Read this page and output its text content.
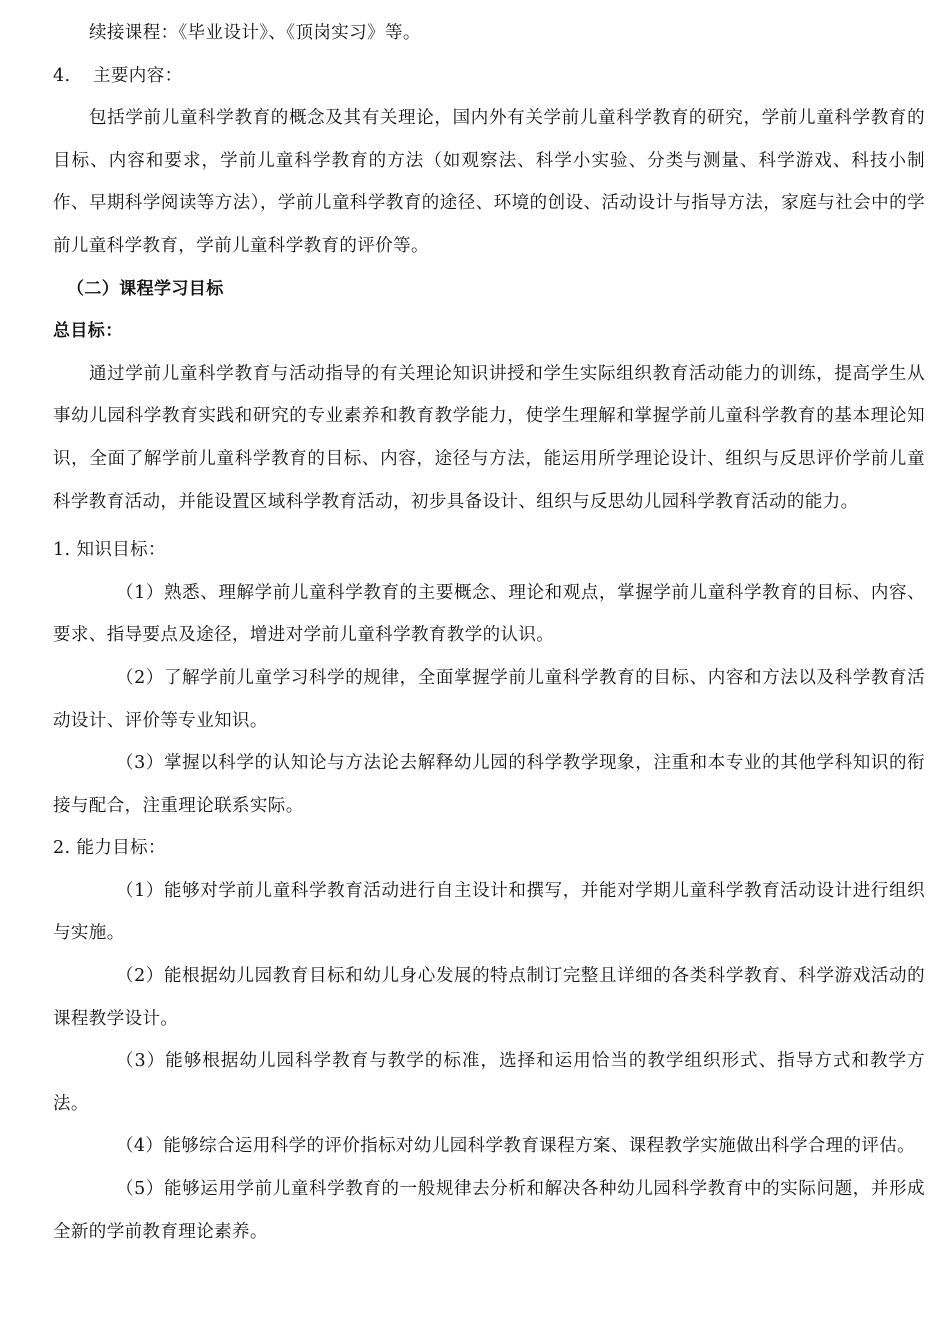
续接课程：《毕业设计》、《顶岗实习》等。

4. 主要内容：

包括学前儿童科学教育的概念及其有关理论，国内外有关学前儿童科学教育的研究，学前儿童科学教育的目标、内容和要求，学前儿童科学教育的方法（如观察法、科学小实验、分类与测量、科学游戏、科技小制作、早期科学阅读等方法），学前儿童科学教育的途径、环境的创设、活动设计与指导方法，家庭与社会中的学前儿童科学教育，学前儿童科学教育的评价等。

（二）课程学习目标

总目标：

通过学前儿童科学教育与活动指导的有关理论知识讲授和学生实际组织教育活动能力的训练，提高学生从事幼儿园科学教育实践和研究的专业素养和教育教学能力，使学生理解和掌握学前儿童科学教育的基本理论知识，全面了解学前儿童科学教育的目标、内容，途径与方法，能运用所学理论设计、组织与反思评价学前儿童科学教育活动，并能设置区域科学教育活动，初步具备设计、组织与反思幼儿园科学教育活动的能力。

1. 知识目标：

（1）熟悉、理解学前儿童科学教育的主要概念、理论和观点，掌握学前儿童科学教育的目标、内容、要求、指导要点及途径，增进对学前儿童科学教育教学的认识。

（2）了解学前儿童学习科学的规律，全面掌握学前儿童科学教育的目标、内容和方法以及科学教育活动设计、评价等专业知识。

（3）掌握以科学的认知论与方法论去解释幼儿园的科学教学现象，注重和本专业的其他学科知识的衔接与配合，注重理论联系实际。

2. 能力目标：

（1）能够对学前儿童科学教育活动进行自主设计和撰写，并能对学期儿童科学教育活动设计进行组织与实施。

（2）能根据幼儿园教育目标和幼儿身心发展的特点制订完整且详细的各类科学教育、科学游戏活动的课程教学设计。

（3）能够根据幼儿园科学教育与教学的标准，选择和运用恰当的教学组织形式、指导方式和教学方法。

（4）能够综合运用科学的评价指标对幼儿园科学教育课程方案、课程教学实施做出科学合理的评估。

（5）能够运用学前儿童科学教育的一般规律去分析和解决各种幼儿园科学教育中的实际问题，并形成全新的学前教育理论素养。
